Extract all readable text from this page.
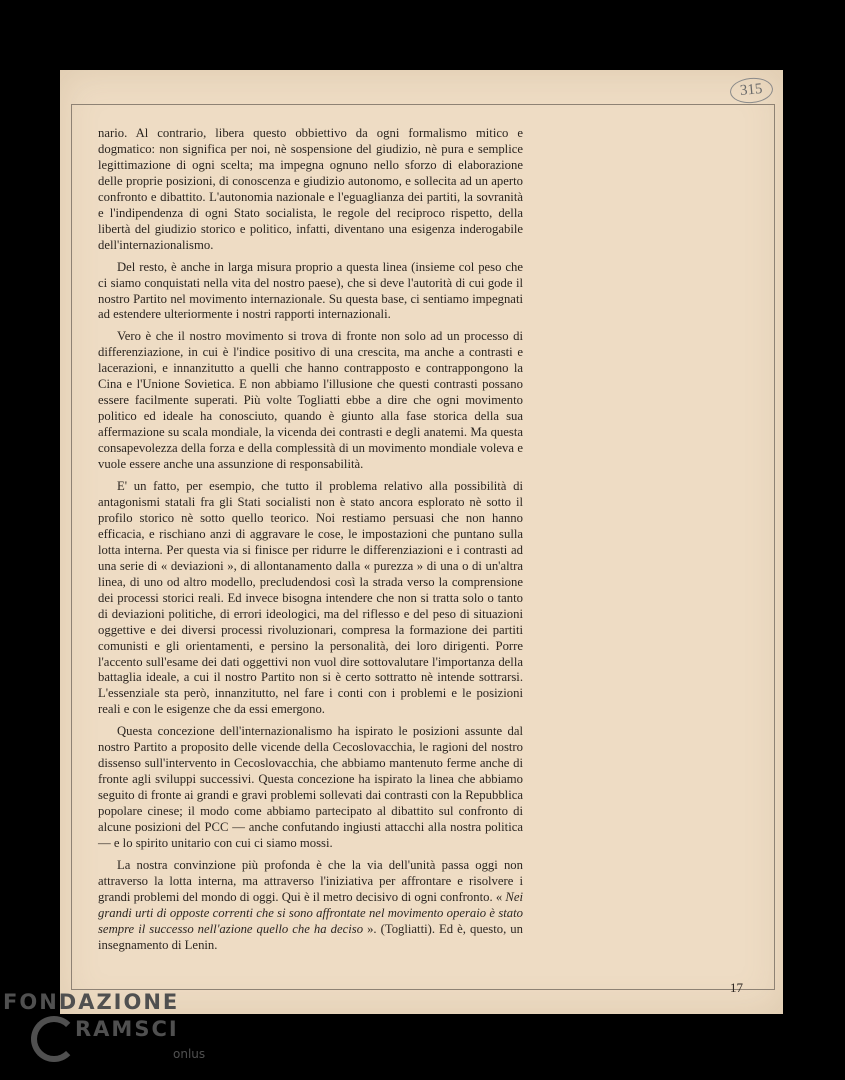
315

nario. Al contrario, libera questo obbiettivo da ogni formalismo mitico e dogmatico: non significa per noi, nè sospensione del giudizio, nè pura e semplice legittimazione di ogni scelta; ma impegna ognuno nello sforzo di elaborazione delle proprie posizioni, di conoscenza e giudizio autonomo, e sollecita ad un aperto confronto e dibattito. L'autonomia nazionale e l'eguaglianza dei partiti, la sovranità e l'indipendenza di ogni Stato socialista, le regole del reciproco rispetto, della libertà del giudizio storico e politico, infatti, diventano una esigenza inderogabile dell'internazionalismo.

Del resto, è anche in larga misura proprio a questa linea (insieme col peso che ci siamo conquistati nella vita del nostro paese), che si deve l'autorità di cui gode il nostro Partito nel movimento internazionale. Su questa base, ci sentiamo impegnati ad estendere ulteriormente i nostri rapporti internazionali.

Vero è che il nostro movimento si trova di fronte non solo ad un processo di differenziazione, in cui è l'indice positivo di una crescita, ma anche a contrasti e lacerazioni, e innanzitutto a quelli che hanno contrapposto e contrappongono la Cina e l'Unione Sovietica. E non abbiamo l'illusione che questi contrasti possano essere facilmente superati. Più volte Togliatti ebbe a dire che ogni movimento politico ed ideale ha conosciuto, quando è giunto alla fase storica della sua affermazione su scala mondiale, la vicenda dei contrasti e degli anatemi. Ma questa consapevolezza della forza e della complessità di un movimento mondiale voleva e vuole essere anche una assunzione di responsabilità.

E' un fatto, per esempio, che tutto il problema relativo alla possibilità di antagonismi statali fra gli Stati socialisti non è stato ancora esplorato nè sotto il profilo storico nè sotto quello teorico. Noi restiamo persuasi che non hanno efficacia, e rischiano anzi di aggravare le cose, le impostazioni che puntano sulla lotta interna. Per questa via si finisce per ridurre le differenziazioni e i contrasti ad una serie di « deviazioni », di allontanamento dalla « purezza » di una o di un'altra linea, di uno od altro modello, precludendosi così la strada verso la comprensione dei processi storici reali. Ed invece bisogna intendere che non si tratta solo o tanto di deviazioni politiche, di errori ideologici, ma del riflesso e del peso di situazioni oggettive e dei diversi processi rivoluzionari, compresa la formazione dei partiti comunisti e gli orientamenti, e persino la personalità, dei loro dirigenti. Porre l'accento sull'esame dei dati oggettivi non vuol dire sottovalutare l'importanza della battaglia ideale, a cui il nostro Partito non si è certo sottratto nè intende sottrarsi. L'essenziale sta però, innanzitutto, nel fare i conti con i problemi e le posizioni reali e con le esigenze che da essi emergono.

Questa concezione dell'internazionalismo ha ispirato le posizioni assunte dal nostro Partito a proposito delle vicende della Cecoslovacchia, le ragioni del nostro dissenso sull'intervento in Cecoslovacchia, che abbiamo mantenuto ferme anche di fronte agli sviluppi successivi. Questa concezione ha ispirato la linea che abbiamo seguito di fronte ai grandi e gravi problemi sollevati dai contrasti con la Repubblica popolare cinese; il modo come abbiamo partecipato al dibattito sul confronto di alcune posizioni del PCC — anche confutando ingiusti attacchi alla nostra politica — e lo spirito unitario con cui ci siamo mossi.

La nostra convinzione più profonda è che la via dell'unità passa oggi non attraverso la lotta interna, ma attraverso l'iniziativa per affrontare e risolvere i grandi problemi del mondo di oggi. Qui è il metro decisivo di ogni confronto. « Nei grandi urti di opposte correnti che si sono affrontate nel movimento operaio è stato sempre il successo nell'azione quello che ha deciso ». (Togliatti). Ed è, questo, un insegnamento di Lenin.

17
FONDAZIONE
RAMSCI
onlus
